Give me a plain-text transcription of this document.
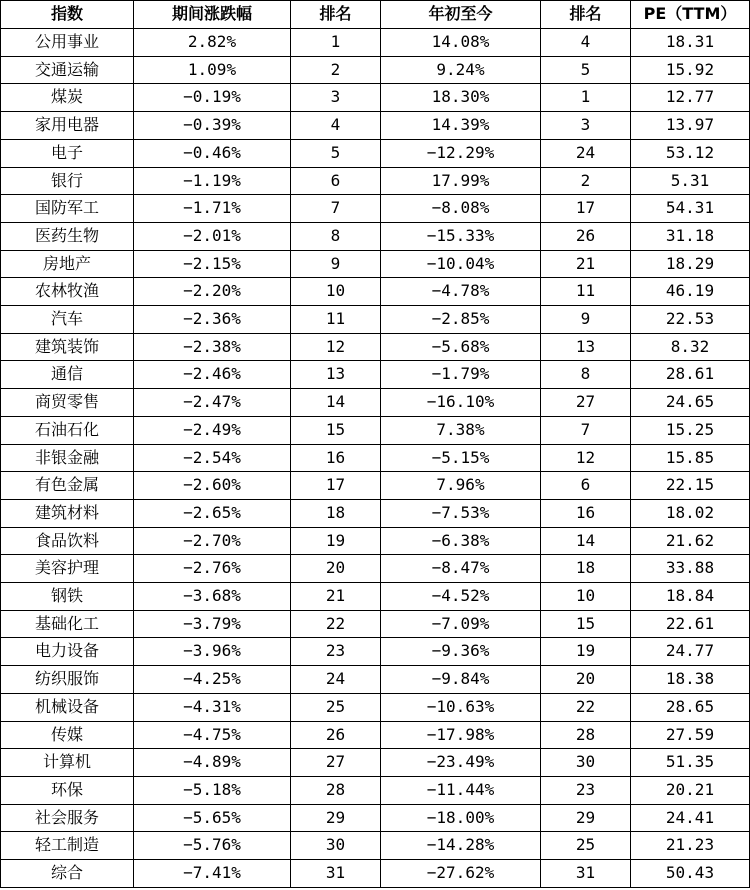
指数	期间涨跌幅	排名	年初至今	排名	PE（TTM）
公用事业	2.82%	1	14.08%	4	18.31
交通运输	1.09%	2	9.24%	5	15.92
煤炭	−0.19%	3	18.30%	1	12.77
家用电器	−0.39%	4	14.39%	3	13.97
电子	−0.46%	5	−12.29%	24	53.12
银行	−1.19%	6	17.99%	2	5.31
国防军工	−1.71%	7	−8.08%	17	54.31
医药生物	−2.01%	8	−15.33%	26	31.18
房地产	−2.15%	9	−10.04%	21	18.29
农林牧渔	−2.20%	10	−4.78%	11	46.19
汽车	−2.36%	11	−2.85%	9	22.53
建筑装饰	−2.38%	12	−5.68%	13	8.32
通信	−2.46%	13	−1.79%	8	28.61
商贸零售	−2.47%	14	−16.10%	27	24.65
石油石化	−2.49%	15	7.38%	7	15.25
非银金融	−2.54%	16	−5.15%	12	15.85
有色金属	−2.60%	17	7.96%	6	22.15
建筑材料	−2.65%	18	−7.53%	16	18.02
食品饮料	−2.70%	19	−6.38%	14	21.62
美容护理	−2.76%	20	−8.47%	18	33.88
钢铁	−3.68%	21	−4.52%	10	18.84
基础化工	−3.79%	22	−7.09%	15	22.61
电力设备	−3.96%	23	−9.36%	19	24.77
纺织服饰	−4.25%	24	−9.84%	20	18.38
机械设备	−4.31%	25	−10.63%	22	28.65
传媒	−4.75%	26	−17.98%	28	27.59
计算机	−4.89%	27	−23.49%	30	51.35
环保	−5.18%	28	−11.44%	23	20.21
社会服务	−5.65%	29	−18.00%	29	24.41
轻工制造	−5.76%	30	−14.28%	25	21.23
综合	−7.41%	31	−27.62%	31	50.43
